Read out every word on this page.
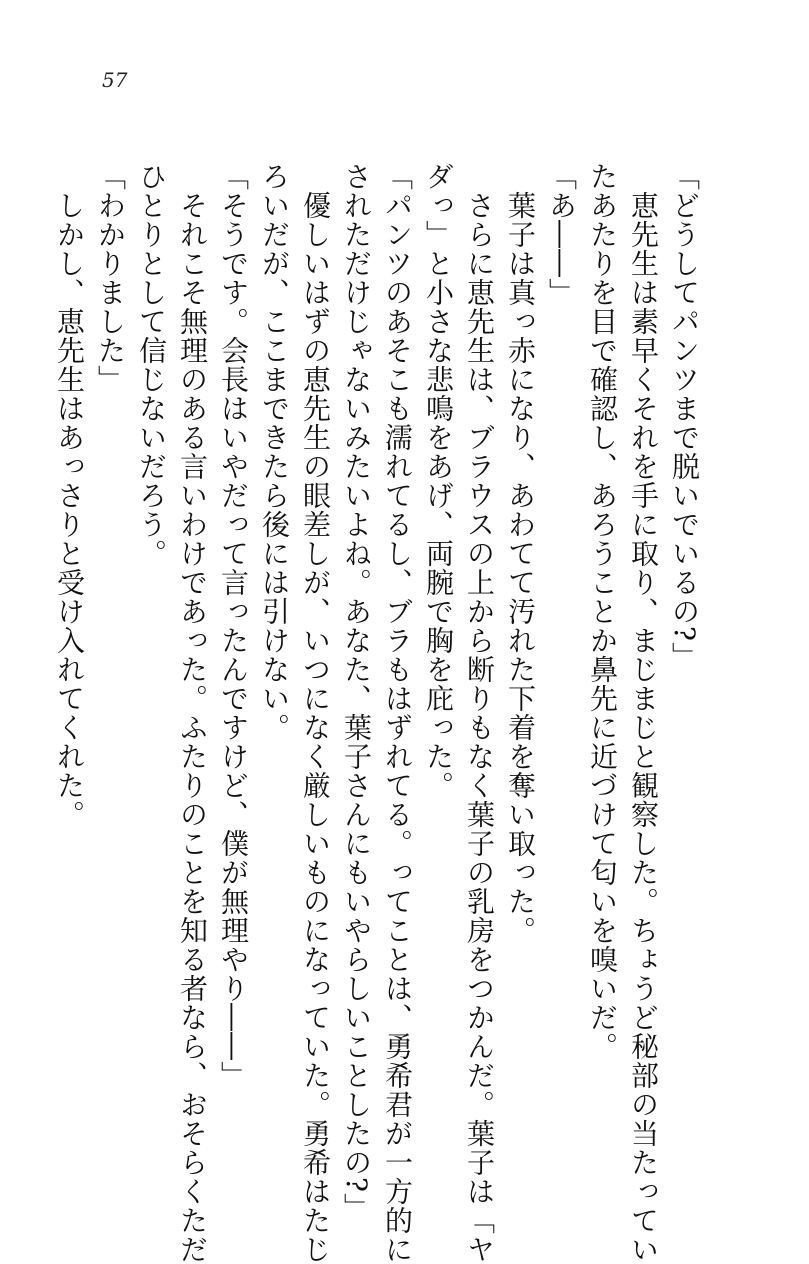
57
「どうしてパンツまで脱いでいるの?」
　恵先生は素早くそれを手に取り、まじまじと観察した。ちょうど秘部の当たってい
たあたりを目で確認し、あろうことか鼻先に近づけて匂いを嗅いだ。
「あ――」
　葉子は真っ赤になり、あわてて汚れた下着を奪い取った。
　さらに恵先生は、ブラウスの上から断りもなく葉子の乳房をつかんだ。葉子は「ヤ
ダっ」と小さな悲鳴をあげ、両腕で胸を庇った。
「パンツのあそこも濡れてるし、ブラもはずれてる。ってことは、勇希君が一方的に
されただけじゃないみたいよね。あなた、葉子さんにもいやらしいことしたの?」
　優しいはずの恵先生の眼差しが、いつになく厳しいものになっていた。勇希はたじ
ろいだが、ここまできたら後には引けない。
「そうです。会長はいやだって言ったんですけど、僕が無理やり――」
　それこそ無理のある言いわけであった。ふたりのことを知る者なら、おそらくただ
ひとりとして信じないだろう。
「わかりました」
　しかし、恵先生はあっさりと受け入れてくれた。
